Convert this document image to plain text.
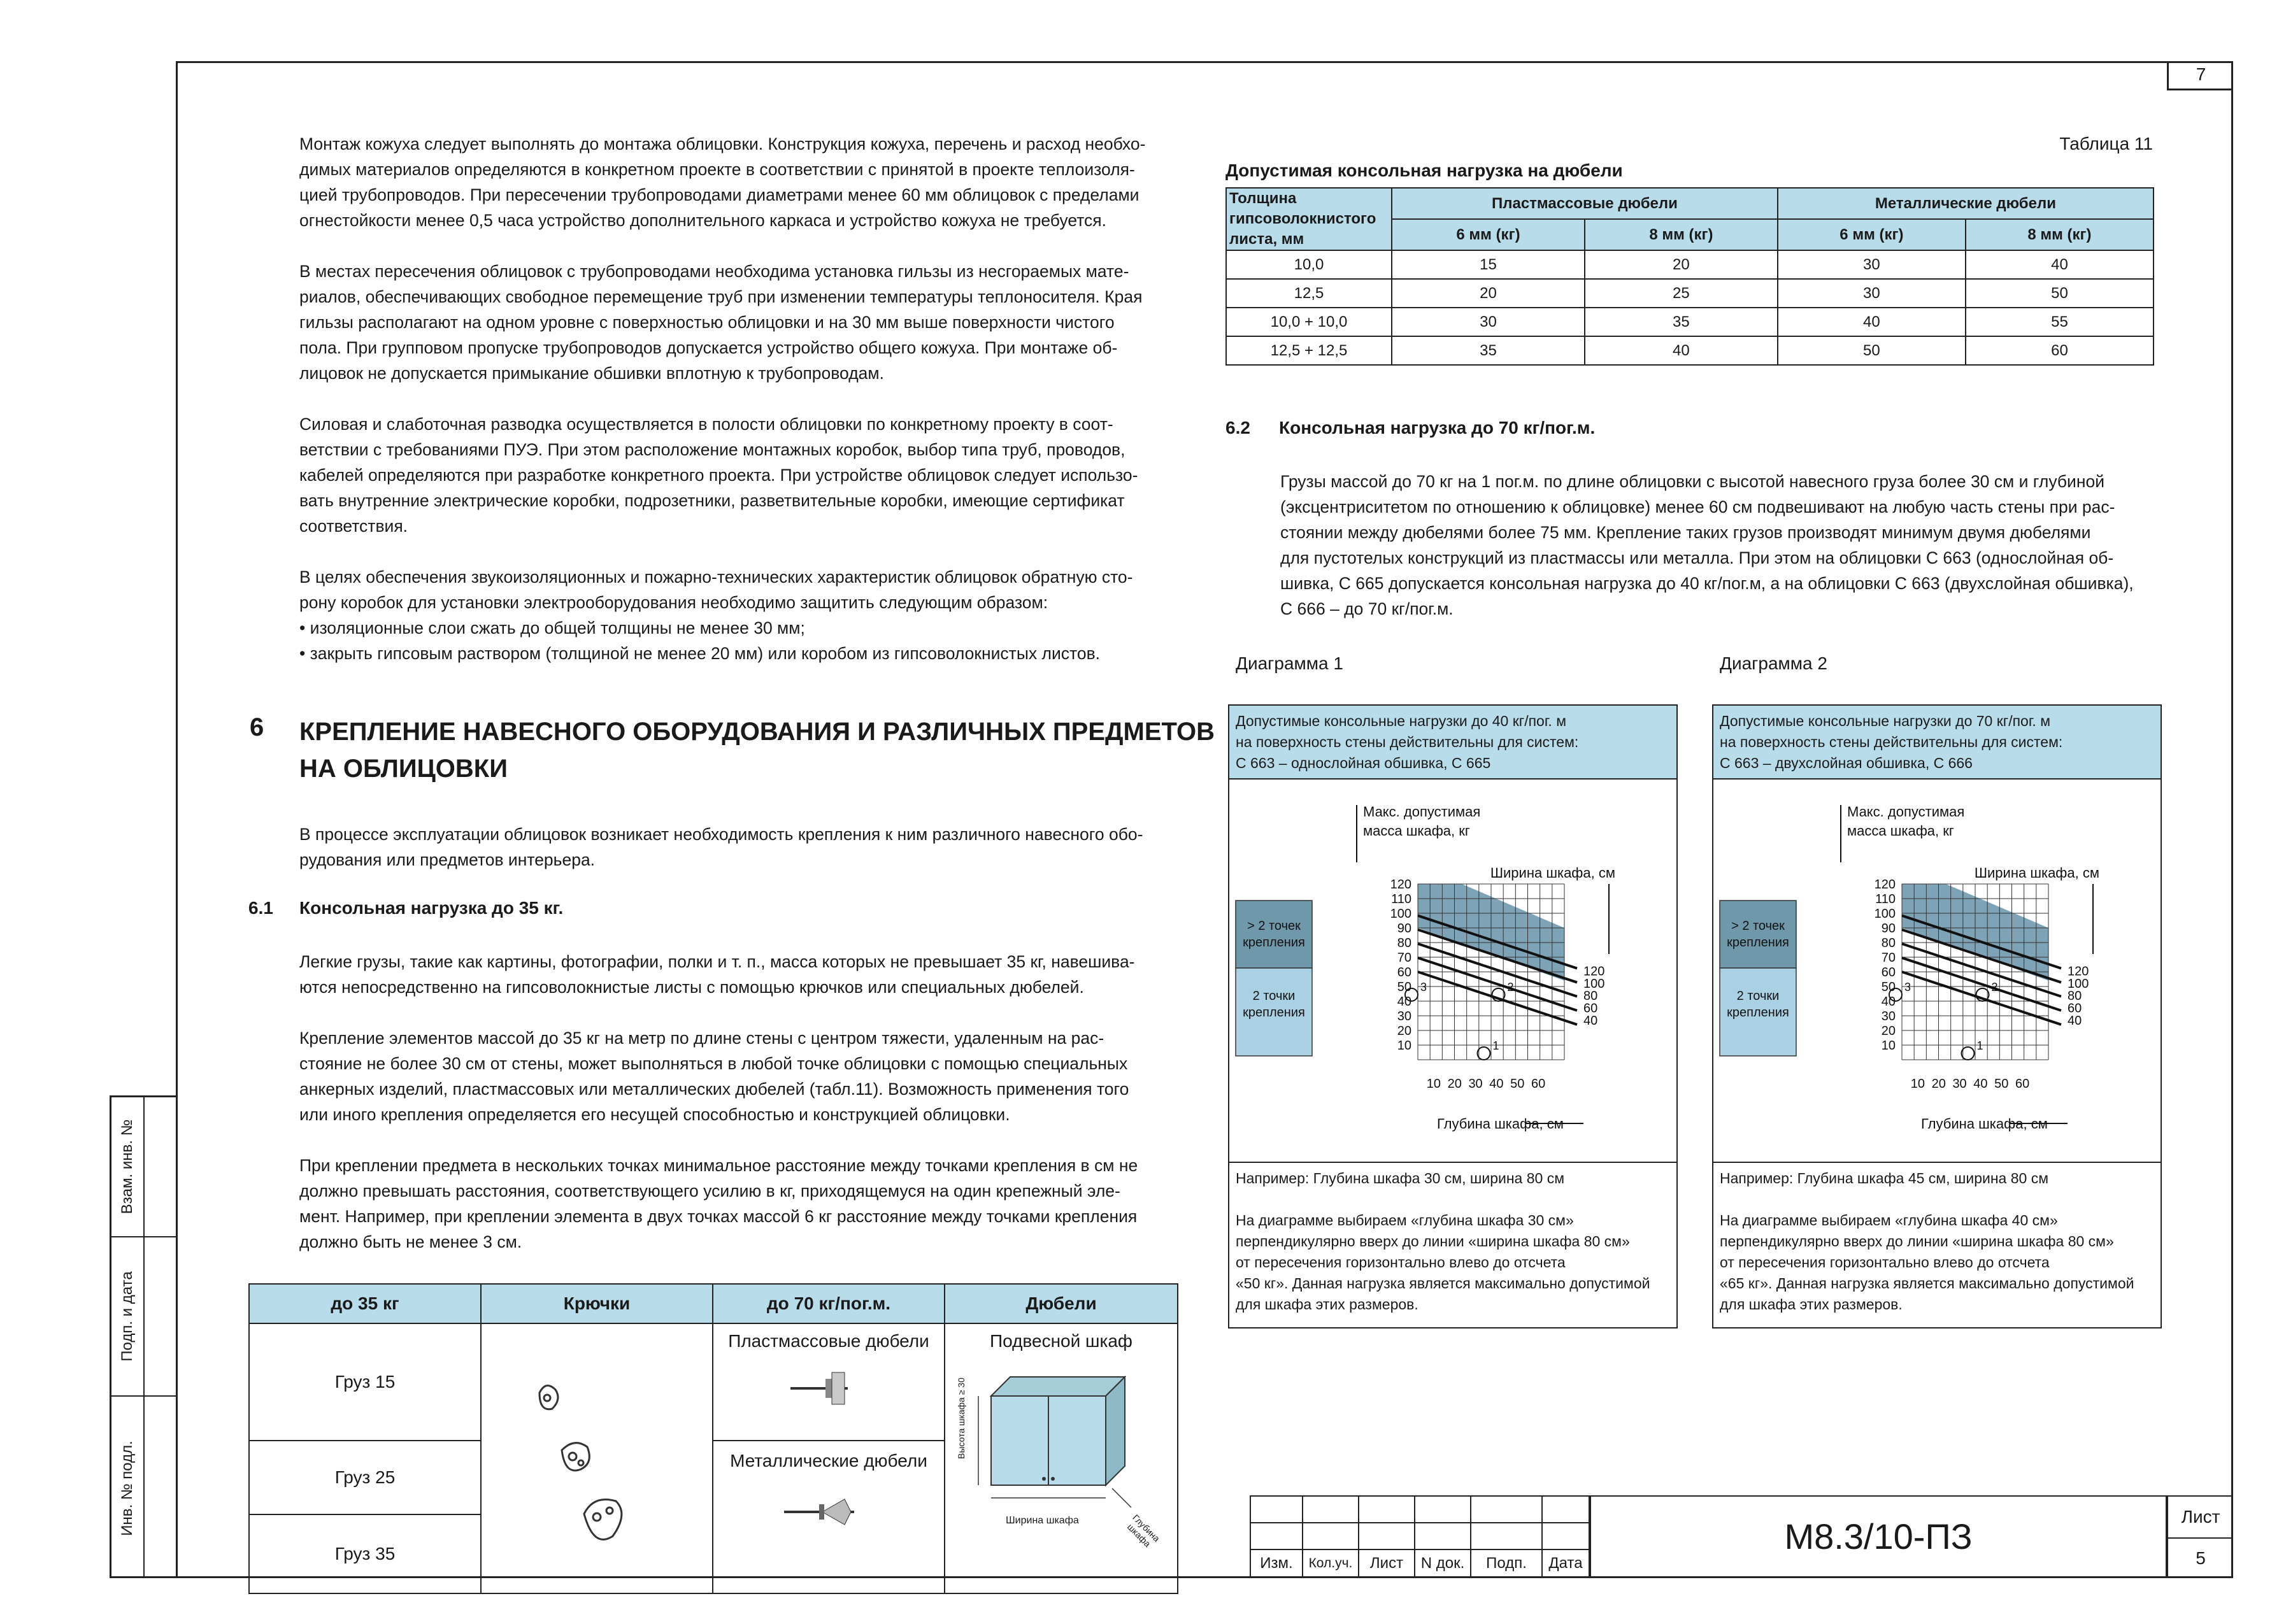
7
Взам. инв. №
Подп. и дата
Инв. № подл.
Монтаж кожуха следует выполнять до монтажа облицовки. Конструкция кожуха, перечень и расход необхо-
димых материалов определяются в конкретном проекте в соответствии с принятой в проекте теплоизоля-
цией трубопроводов. При пересечении трубопроводами диаметрами менее 60 мм облицовок с пределами
огнестойкости менее 0,5 часа устройство дополнительного каркаса и устройство кожуха не требуется.
В местах пересечения облицовок с трубопроводами необходима установка гильзы из несгораемых мате-
риалов, обеспечивающих свободное перемещение труб при изменении температуры теплоносителя. Края
гильзы располагают на одном уровне с поверхностью облицовки и на 30 мм выше поверхности чистого
пола. При групповом пропуске трубопроводов допускается устройство общего кожуха. При монтаже об-
лицовок не допускается примыкание обшивки вплотную к трубопроводам.
Силовая и слаботочная разводка осуществляется в полости облицовки по конкретному проекту в соот-
ветствии с требованиями ПУЭ. При этом расположение монтажных коробок, выбор типа труб, проводов,
кабелей определяются при разработке конкретного проекта. При устройстве облицовок следует использо-
вать внутренние электрические коробки, подрозетники, разветвительные коробки, имеющие сертификат
соответствия.
В целях обеспечения звукоизоляционных и пожарно-технических характеристик облицовок обратную сто-
рону коробок для установки электрооборудования необходимо защитить следующим образом:
• изоляционные слои сжать до общей толщины не менее 30 мм;
• закрыть гипсовым раствором (толщиной не менее 20 мм) или коробом из гипсоволокнистых листов.
6 КРЕПЛЕНИЕ НАВЕСНОГО ОБОРУДОВАНИЯ И РАЗЛИЧНЫХ ПРЕДМЕТОВ
НА ОБЛИЦОВКИ
В процессе эксплуатации облицовок возникает необходимость крепления к ним различного навесного обо-
рудования или предметов интерьера.
6.1 Консольная нагрузка до 35 кг.
Легкие грузы, такие как картины, фотографии, полки и т. п., масса которых не превышает 35 кг, навешива-
ются непосредственно на гипсоволокнистые листы с помощью крючков или специальных дюбелей.
Крепление элементов массой до 35 кг на метр по длине стены с центром тяжести, удаленным на рас-
стояние не более 30 см от стены, может выполняться в любой точке облицовки с помощью специальных
анкерных изделий, пластмассовых или металлических дюбелей (табл.11). Возможность применения того
или иного крепления определяется его несущей способностью и конструкцией облицовки.
При креплении предмета в нескольких точках минимальное расстояние между точками крепления в см не
должно превышать расстояния, соответствующего усилию в кг, приходящемуся на один крепежный эле-
мент. Например, при креплении элемента в двух точках массой 6 кг расстояние между точками крепления
должно быть не менее 3 см.
до 35 кг	Крючки	до 70 кг/пог.м.	Дюбели
Груз 15		Пластмассовые дюбели	Подвесной шкаф
Высота шкафа ≥ 30
Ширина шкафа Глубина шкафа

Груз 25		Металлические дюбели	

Груз 35			
Таблица 11
Допустимая консольная нагрузка на дюбели
Толщина гипсоволокнистого листа, мм	Пластмассовые дюбели		Металлические дюбели	
	6 мм (кг)	8 мм (кг)	6 мм (кг)	8 мм (кг)
10,0	15	20	30	40
12,5	20	25	30	50
10,0 + 10,0	30	35	40	55
12,5 + 12,5	35	40	50	60
6.2 Консольная нагрузка до 70 кг/пог.м.
Грузы массой до 70 кг на 1 пог.м. по длине облицовки с высотой навесного груза более 30 см и глубиной
(эксцентриситетом по отношению к облицовке) менее 60 см подвешивают на любую часть стены при рас-
стоянии между дюбелями более 75 мм. Крепление таких грузов производят минимум двумя дюбелями
для пустотелых конструкций из пластмассы или металла. При этом на облицовки С 663 (однослойная об-
шивка, С 665 допускается консольная нагрузка до 40 кг/пог.м, а на облицовки С 663 (двухслойная обшивка),
С 666 – до 70 кг/пог.м.
Диаграмма 1
Допустимые консольные нагрузки до 40 кг/пог. м
на поверхность стены действительны для систем:
С 663 – однослойная обшивка, С 665
> 2 точек
крепления
2 точки
крепления
120
110
100
90
80
70
60
50
40
30
20
10
10 20 30 40 50 60
120
100
80
60
40
Макс. допустимая
масса шкафа, кг
Ширина шкафа, см
Глубина шкафа, см
1
2
3
Например: Глубина шкафа 30 см, ширина 80 см
На диаграмме выбираем «глубина шкафа 30 см»
перпендикулярно вверх до линии «ширина шкафа 80 см»
от пересечения горизонтально влево до отсчета
«50 кг». Данная нагрузка является максимально допустимой
для шкафа этих размеров.
Диаграмма 2
Допустимые консольные нагрузки до 70 кг/пог. м
на поверхность стены действительны для систем:
С 663 – двухслойная обшивка, С 666
> 2 точек
крепления
2 точки
крепления
120
110
100
90
80
70
60
50
40
30
20
10
10 20 30 40 50 60
120
100
80
60
40
Макс. допустимая
масса шкафа, кг
Ширина шкафа, см
Глубина шкафа, см
1
2
3
Например: Глубина шкафа 45 см, ширина 80 см
На диаграмме выбираем «глубина шкафа 40 см»
перпендикулярно вверх до линии «ширина шкафа 80 см»
от пересечения горизонтально влево до отсчета
«65 кг». Данная нагрузка является максимально допустимой
для шкафа этих размеров.

Изм.	Кол.уч.	Лист	N док.	Подп.	Дата
М8.3/10-ПЗ	Лист
5
